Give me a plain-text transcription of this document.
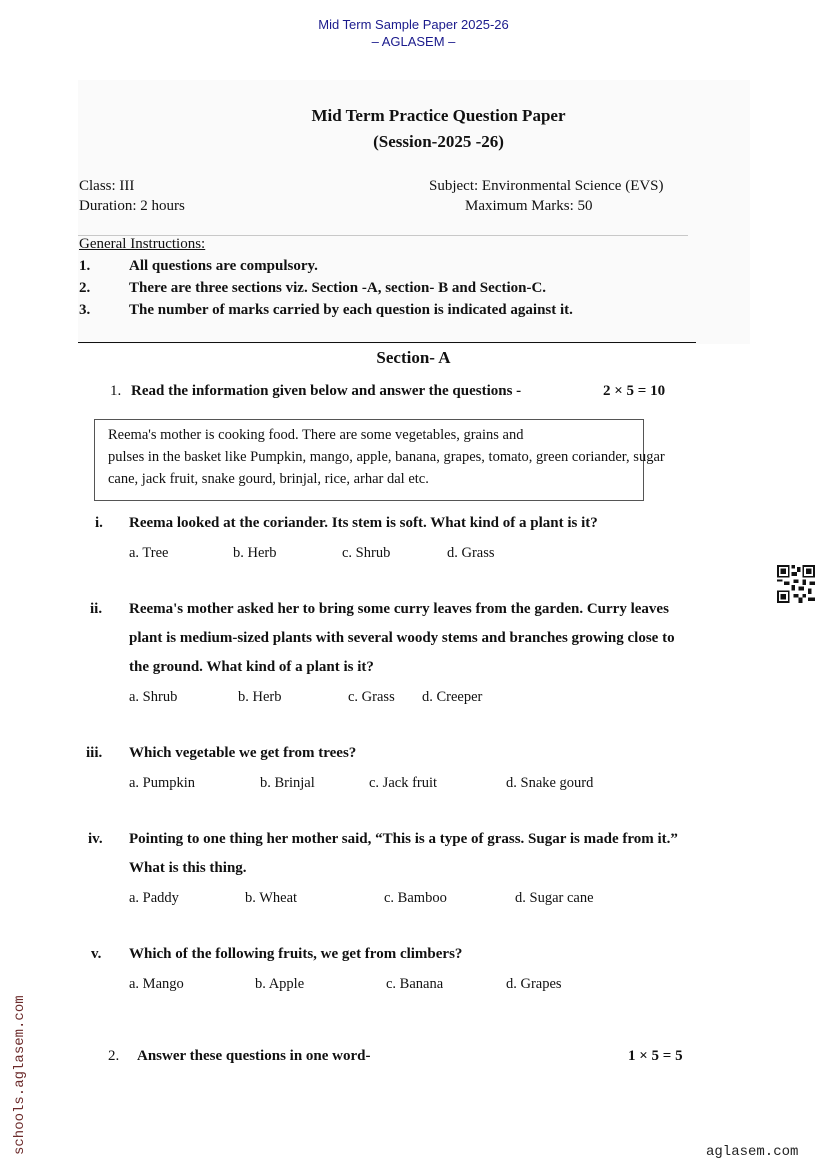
Mid Term Sample Paper 2025-26
– AGLASEM –
Mid Term Practice Question Paper
(Session-2025 -26)
Class: III	Subject: Environmental Science (EVS)
Duration: 2 hours	Maximum Marks: 50
General Instructions:
1.	All questions are compulsory.
2.	There are three sections viz. Section -A, section- B and Section-C.
3.	The number of marks carried by each question is indicated against it.
Section- A
1. Read the information given below and answer the questions -	2 × 5 = 10
Reema's mother is cooking food. There are some vegetables, grains and
pulses in the basket like Pumpkin, mango, apple, banana, grapes, tomato, green coriander, sugar
cane, jack fruit, snake gourd, brinjal, rice, arhar dal etc.
i. Reema looked at the coriander. Its stem is soft. What kind of a plant is it?
a. Tree	b. Herb	c. Shrub	d. Grass
ii. Reema's mother asked her to bring some curry leaves from the garden. Curry leaves
plant is medium-sized plants with several woody stems and branches growing close to
the ground. What kind of a plant is it?
a. Shrub	b. Herb	c. Grass d. Creeper
iii. Which vegetable we get from trees?
a. Pumpkin	b. Brinjal	c. Jack fruit	d. Snake gourd
iv. Pointing to one thing her mother said, “This is a type of grass. Sugar is made from it.”
What is this thing.
a. Paddy	b. Wheat	c. Bamboo	d. Sugar cane
v. Which of the following fruits, we get from climbers?
a. Mango	b. Apple	c. Banana	d. Grapes
2. Answer these questions in one word-	1 × 5 = 5
schools.aglasem.com	aglasem.com
